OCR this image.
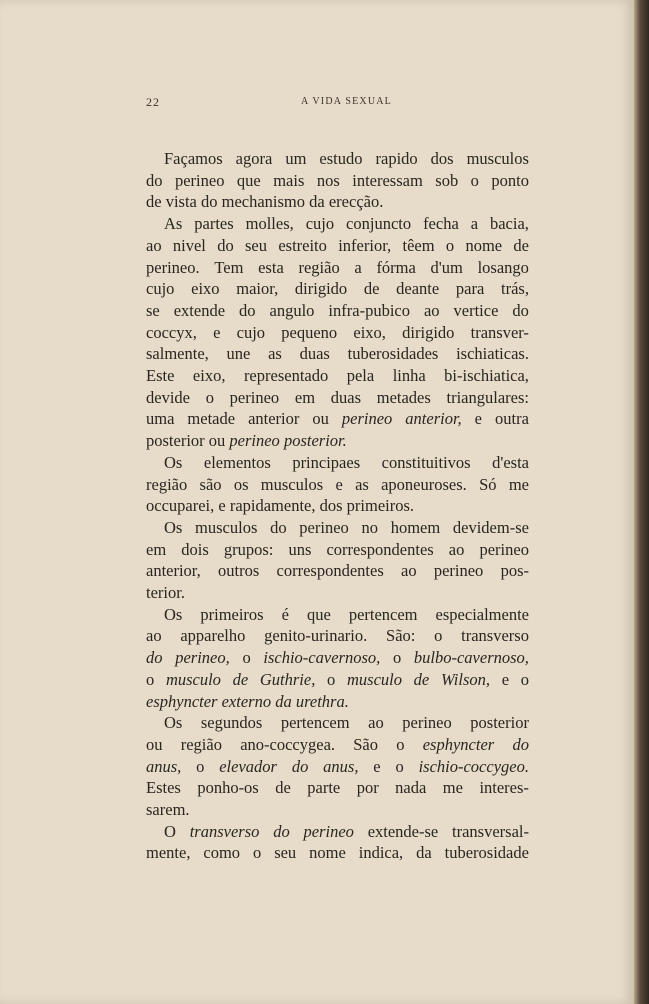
22	A VIDA SEXUAL
Façamos agora um estudo rapido dos musculos
do perineo que mais nos interessam sob o ponto
de vista do mechanismo da erecção.
As partes molles, cujo conjuncto fecha a bacia,
ao nivel do seu estreito inferior, têem o nome de
perineo. Tem esta região a fórma d'um losango
cujo eixo maior, dirigido de deante para trás,
se extende do angulo infra-pubico ao vertice do
coccyx, e cujo pequeno eixo, dirigido transver-
salmente, une as duas tuberosidades ischiaticas.
Este eixo, representado pela linha bi-ischiatica,
devide o perineo em duas metades triangulares:
uma metade anterior ou perineo anterior, e outra
posterior ou perineo posterior.
Os elementos principaes constituitivos d'esta
região são os musculos e as aponeuroses. Só me
occuparei, e rapidamente, dos primeiros.
Os musculos do perineo no homem devidem-se
em dois grupos: uns correspondentes ao perineo
anterior, outros correspondentes ao perineo pos-
terior.
Os primeiros é que pertencem especialmente
ao apparelho genito-urinario. São: o transverso
do perineo, o ischio-cavernoso, o bulbo-cavernoso,
o musculo de Guthrie, o musculo de Wilson, e o
esphyncter externo da urethra.
Os segundos pertencem ao perineo posterior
ou região ano-coccygea. São o esphyncter do
anus, o elevador do anus, e o ischio-coccygeo.
Estes ponho-os de parte por nada me interes-
sarem.
O transverso do perineo extende-se transversal-
mente, como o seu nome indica, da tuberosidade
